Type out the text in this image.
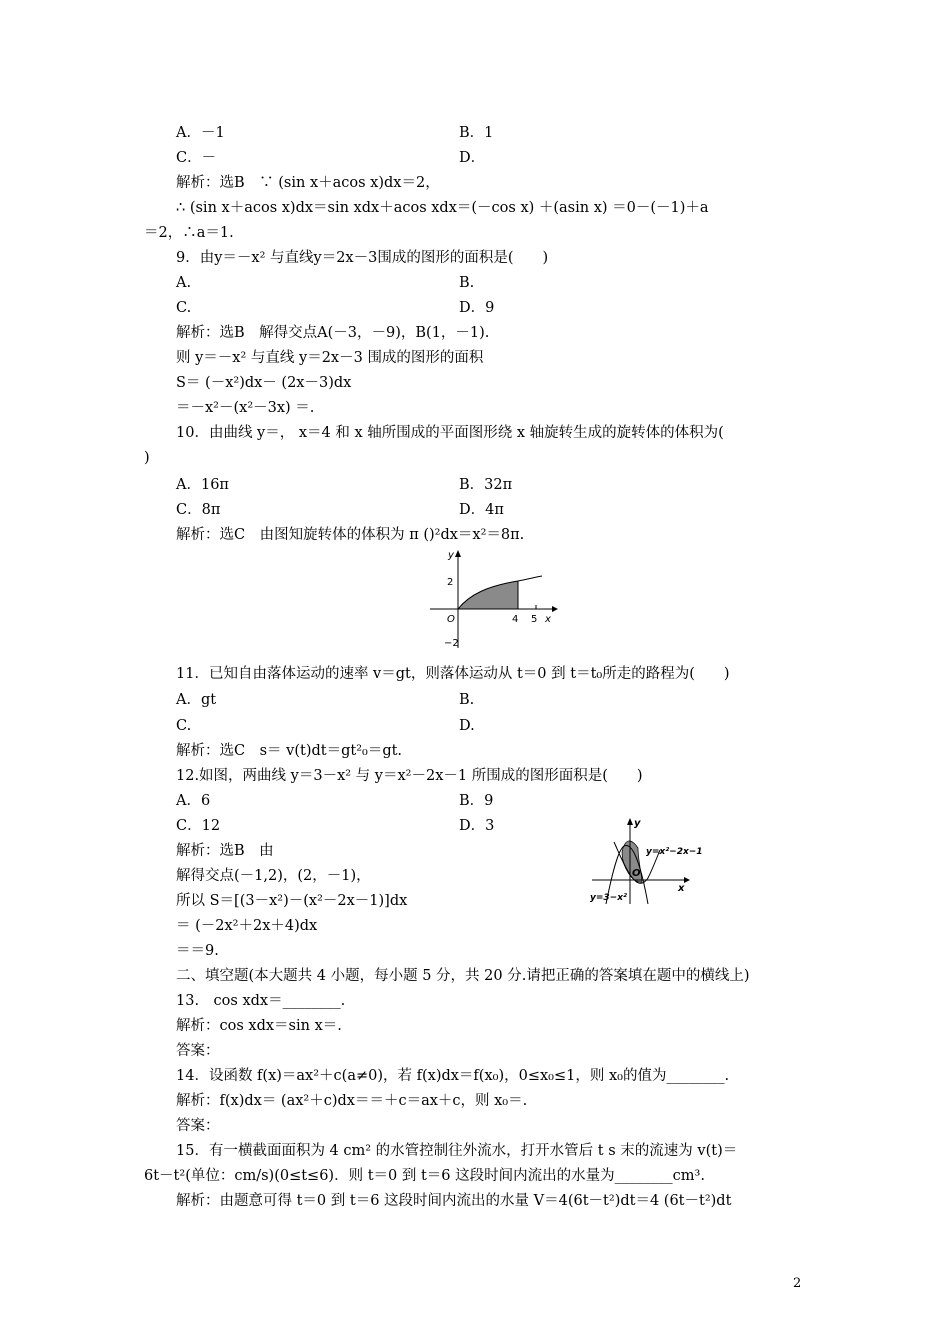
A．－1	B．1
C．－	D．
解析：选B　∵ (sin x＋acos x)dx＝2，
∴ (sin x＋acos x)dx＝sin xdx＋acos xdx＝(－cos x) ＋(asin x) ＝0－(－1)＋a
＝2，∴a＝1.
9．由y＝－x² 与直线y＝2x－3围成的图形的面积是(　　)
A.	B.
C.	D．9
解析：选B　解得交点A(－3，－9)，B(1，－1).
则 y＝－x² 与直线 y＝2x－3 围成的图形的面积
S＝ (－x²)dx－ (2x－3)dx
＝－x²－(x²－3x) ＝.
10．由曲线 y＝， x＝4 和 x 轴所围成的平面图形绕 x 轴旋转生成的旋转体的体积为(
)
A．16π	B．32π
C．8π	D．4π
解析：选C　由图知旋转体的体积为 π ()²dx＝x²＝8π.
y
x
2
−2
O	4 5
11．已知自由落体运动的速率 v＝gt，则落体运动从 t＝0 到 t＝t₀所走的路程为(　　)
A．gt	B.
C.	D.
解析：选C　s＝ v(t)dt＝gt²₀＝gt.
12.如图，两曲线 y＝3－x² 与 y＝x²－2x－1 所围成的图形面积是(　　)
A．6	B．9
C．12	D．3
解析：选B　由
解得交点(－1,2)，(2，－1)，
所以 S＝[(3－x²)－(x²－2x－1)]dx
＝ (－2x²＋2x＋4)dx
＝＝9.
y
x
O
y=x²−2x−1
y=3−x²
二、填空题(本大题共 4 小题，每小题 5 分，共 20 分.请把正确的答案填在题中的横线上)
13.　cos xdx＝________.
解析：cos xdx＝sin x＝.
答案：
14．设函数 f(x)＝ax²＋c(a≠0)，若 f(x)dx＝f(x₀)，0≤x₀≤1，则 x₀的值为________.
解析：f(x)dx＝ (ax²＋c)dx＝＝＋c＝ax＋c，则 x₀＝.
答案：
15．有一横截面面积为 4 cm² 的水管控制往外流水，打开水管后 t s 末的流速为 v(t)＝
6t－t²(单位：cm/s)(0≤t≤6)．则 t＝0 到 t＝6 这段时间内流出的水量为________cm³.
解析：由题意可得 t＝0 到 t＝6 这段时间内流出的水量 V＝4(6t－t²)dt＝4 (6t－t²)dt
2
